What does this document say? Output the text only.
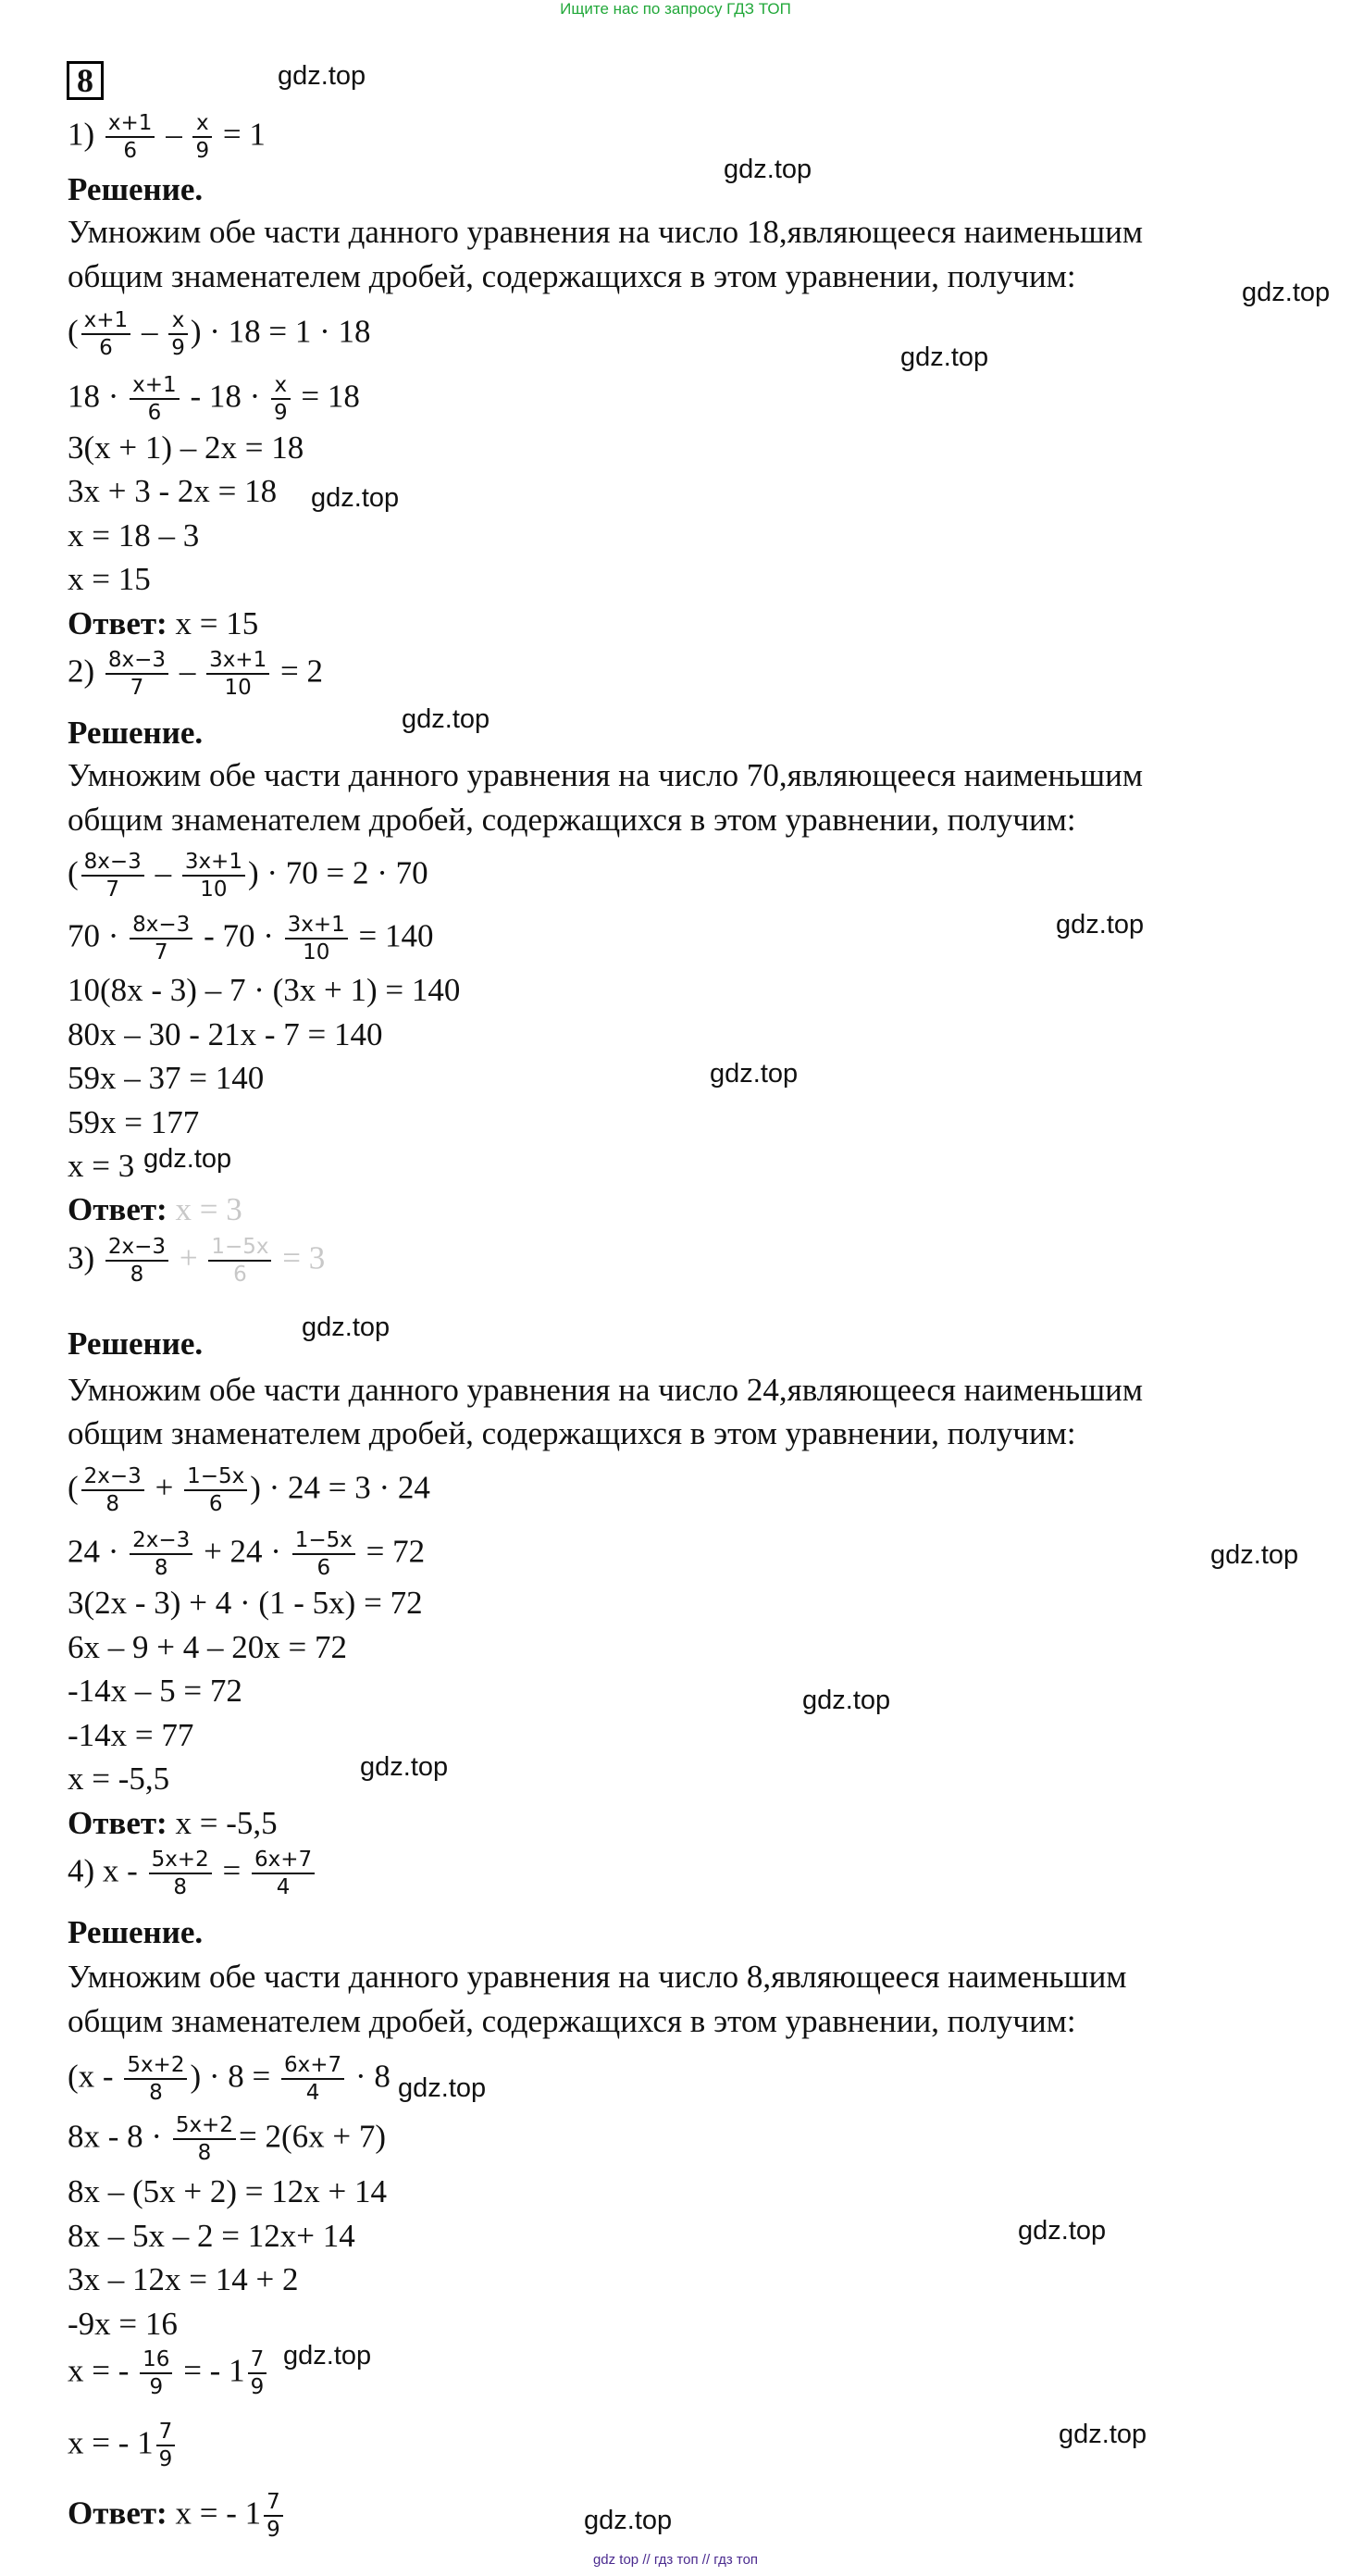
Ищите нас по запросу ГДЗ ТОП
8
$1) \frac{x+1}{6} - \frac{x}{9} = 1$
Решение.
Умножим обе части данного уравнения на число 18,являющееся наименьшим
общим знаменателем дробей, содержащихся в этом уравнении, получим:
( $\frac{x+1}{6} - \frac{x}{9}$ ) · 18 = 1 · 18
$18 \cdot \frac{x+1}{6} - 18 \cdot \frac{x}{9} = 18$
3(x + 1) – 2x = 18
3x + 3 - 2x = 18
x = 18 – 3
x = 15
Ответ: x = 15
$2) \frac{8x-3}{7} - \frac{3x+1}{10} = 2$
Решение.
Умножим обе части данного уравнения на число 70,являющееся наименьшим
общим знаменателем дробей, содержащихся в этом уравнении, получим:
( $\frac{8x-3}{7} - \frac{3x+1}{10}$ ) · 70 = 2 · 70
$70 \cdot \frac{8x-3}{7} - 70 \cdot \frac{3x+1}{10} = 140$
10(8x - 3) – 7 · (3x + 1) = 140
80x – 30 - 21x - 7 = 140
59x – 37 = 140
59x = 177
x = 3
Ответ: x = 3
$3) \frac{2x-3}{8} + \frac{1-5x}{6} = 3$
Решение.
Умножим обе части данного уравнения на число 24,являющееся наименьшим
общим знаменателем дробей, содержащихся в этом уравнении, получим:
( $\frac{2x-3}{8} + \frac{1-5x}{6}$ ) · 24 = 3 · 24
$24 \cdot \frac{2x-3}{8} + 24 \cdot \frac{1-5x}{6} = 72$
3(2x - 3) + 4 · (1 - 5x) = 72
6x – 9 + 4 – 20x = 72
-14x – 5 = 72
-14x = 77
x = -5,5
Ответ: x = -5,5
4) $x - \frac{5x+2}{8} = \frac{6x+7}{4}$
Решение.
Умножим обе части данного уравнения на число 8,являющееся наименьшим
общим знаменателем дробей, содержащихся в этом уравнении, получим:
($x - \frac{5x+2}{8}$ ) · $8 = \frac{6x+7}{4} \cdot 8$
$8x - 8 \cdot \frac{5x+2}{8} = 2(6x + 7)$
8x – (5x + 2) = 12x + 14
8x – 5x – 2 = 12x+ 14
3x – 12x = 14 + 2
-9x = 16
x = - $\frac{16}{9}$ = - $1 \frac{7}{9}$
x = - $1 \frac{7}{9}$
Ответ: x = - $1 \frac{7}{9}$
gdz.top
gdz.top
gdz.top
gdz.top
gdz.top
gdz.top
gdz.top
gdz.top
gdz.top
gdz.top
gdz.top
gdz.top
gdz.top
gdz.top
gdz.top
gdz.top
gdz.top
gdz.top
gdz top // гдз топ // гдз топ
